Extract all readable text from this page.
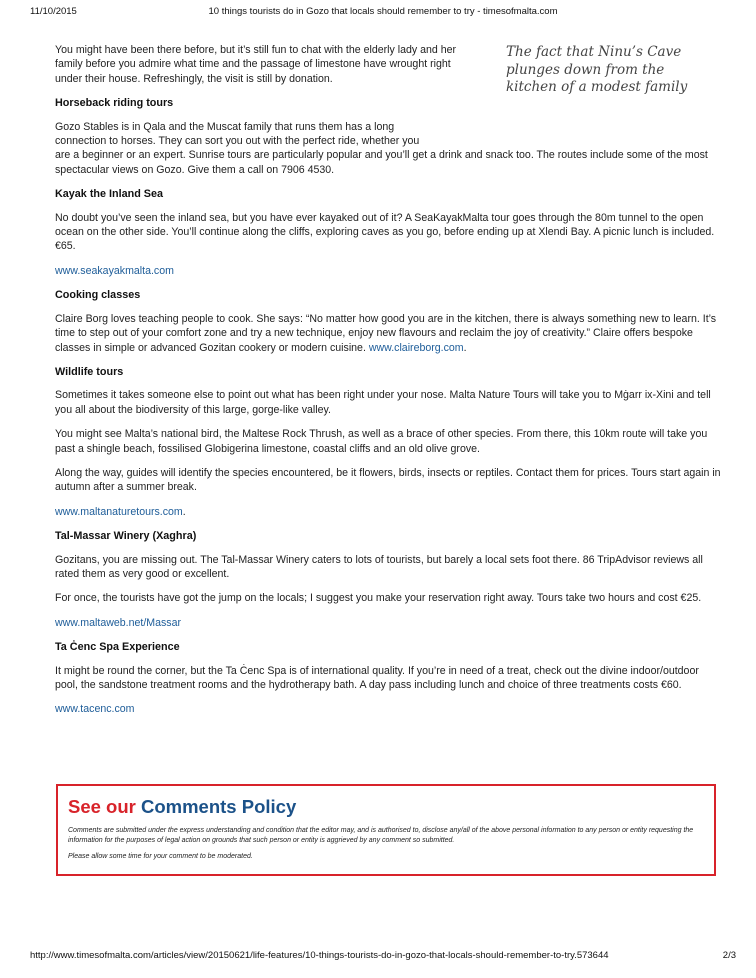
11/10/2015	10 things tourists do in Gozo that locals should remember to try - timesofmalta.com
The fact that Ninu’s Cave plunges down from the kitchen of a modest family

You might have been there before, but it’s still fun to chat with the elderly lady and her family before you admire what time and the passage of limestone have wrought right under their house. Refreshingly, the visit is still by donation.

Horseback riding tours

Gozo Stables is in Qala and the Muscat family that runs them has a long
connection to horses. They can sort you out with the perfect ride, whether you
are a beginner or an expert. Sunrise tours are particularly popular and you’ll get a drink and snack too. The routes include some of the most spectacular views on Gozo. Give them a call on 7906 4530.

Kayak the Inland Sea

No doubt you’ve seen the inland sea, but you have ever kayaked out of it? A SeaKayakMalta tour goes through the 80m tunnel to the open ocean on the other side. You’ll continue along the cliffs, exploring caves as you go, before ending up at Xlendi Bay. A picnic lunch is included. €65.

www.seakayakmalta.com

Cooking classes

Claire Borg loves teaching people to cook. She says: “No matter how good you are in the kitchen, there is always something new to learn. It’s time to step out of your comfort zone and try a new technique, enjoy new flavours and reclaim the joy of creativity.” Claire offers bespoke classes in simple or advanced Gozitan cookery or modern cuisine. www.claireborg.com.

Wildlife tours

Sometimes it takes someone else to point out what has been right under your nose. Malta Nature Tours will take you to Mġarr ix-Xini and tell you all about the biodiversity of this large, gorge-like valley.

You might see Malta’s national bird, the Maltese Rock Thrush, as well as a brace of other species. From there, this 10km route will take you past a shingle beach, fossilised Globigerina limestone, coastal cliffs and an old olive grove.

Along the way, guides will identify the species encountered, be it flowers, birds, insects or reptiles. Contact them for prices. Tours start again in autumn after a summer break.

www.maltanaturetours.com.

Tal-Massar Winery (Xaghra)

Gozitans, you are missing out. The Tal-Massar Winery caters to lots of tourists, but barely a local sets foot there. 86 TripAdvisor reviews all rated them as very good or excellent.

For once, the tourists have got the jump on the locals; I suggest you make your reservation right away. Tours take two hours and cost €25.

www.maltaweb.net/Massar

Ta Ċenc Spa Experience

It might be round the corner, but the Ta Ċenc Spa is of international quality. If you’re in need of a treat, check out the divine indoor/outdoor pool, the sandstone treatment rooms and the hydrotherapy bath. A day pass including lunch and choice of three treatments costs €60.

www.tacenc.com

See our Comments Policy

Comments are submitted under the express understanding and condition that the editor may, and is authorised to, disclose any/all of the above personal information to any person or entity requesting the information for the purposes of legal action on grounds that such person or entity is aggrieved by any comment so submitted.

Please allow some time for your comment to be moderated.

http://www.timesofmalta.com/articles/view/20150621/life-features/10-things-tourists-do-in-gozo-that-locals-should-remember-to-try.573644	2/3
